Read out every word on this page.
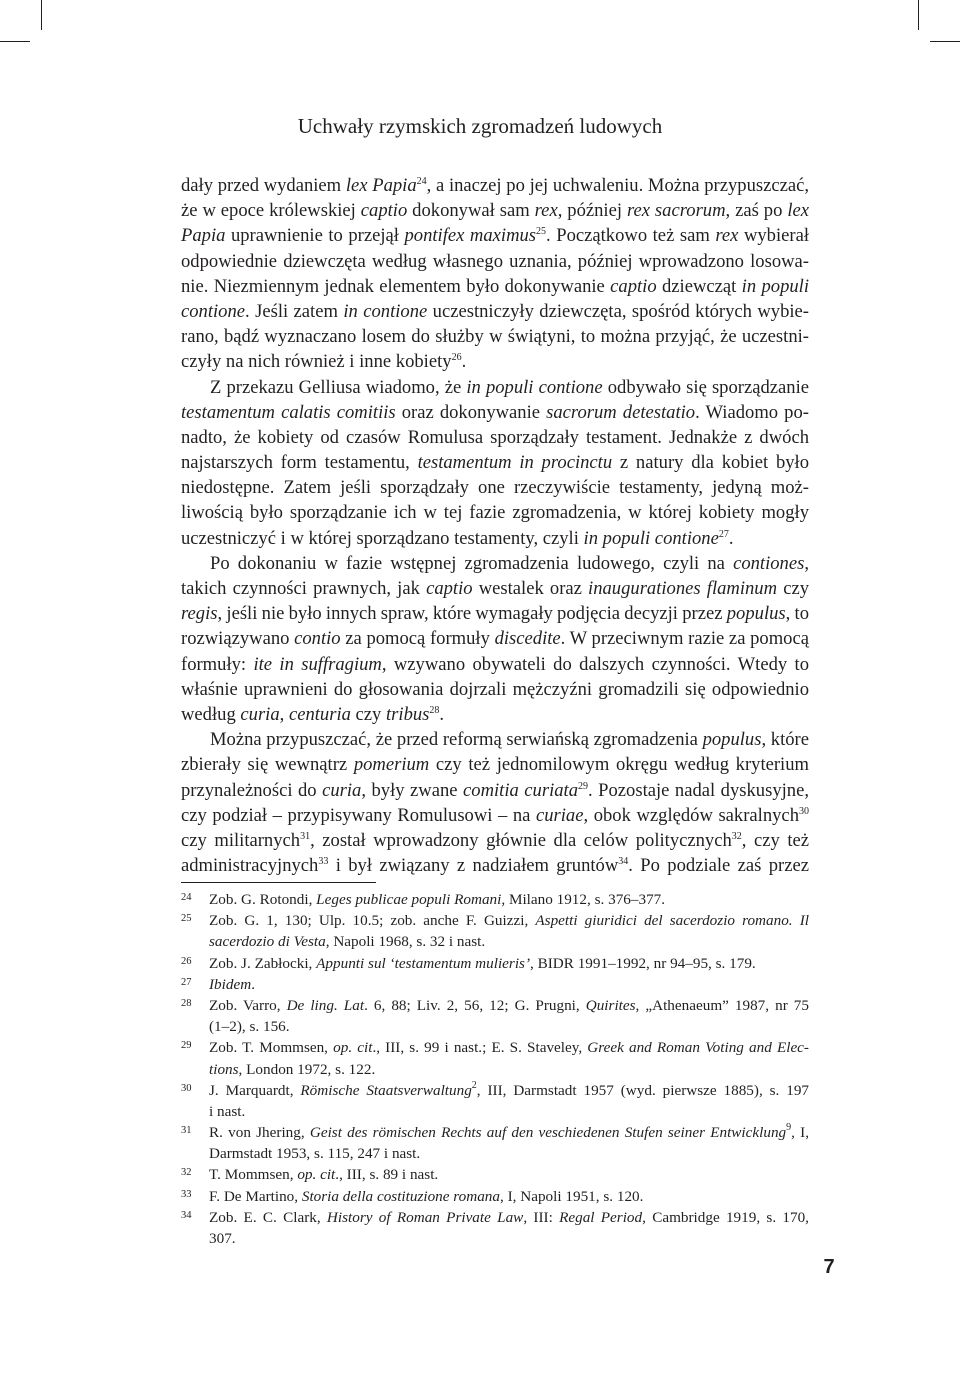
Uchwały rzymskich zgromadzeń ludowych
dały przed wydaniem lex Papia$^{24}$, a inaczej po jej uchwaleniu. Można przypuszczać,
że w epoce królewskiej captio dokonywał sam rex, później rex sacrorum, zaś po lex
Papia uprawnienie to przejął pontifex maximus$^{25}$. Początkowo też sam rex wybierał
odpowiednie dziewczęta według własnego uznania, później wprowadzono losowa-
nie. Niezmiennym jednak elementem było dokonywanie captio dziewcząt in populi
contione. Jeśli zatem in contione uczestniczyły dziewczęta, spośród których wybie-
rano, bądź wyznaczano losem do służby w świątyni, to można przyjąć, że uczestni-
czyły na nich również i inne kobiety$^{26}$.
Z przekazu Gelliusa wiadomo, że in populi contione odbywało się sporządzanie
testamentum calatis comitiis oraz dokonywanie sacrorum detestatio. Wiadomo po-
nadto, że kobiety od czasów Romulusa sporządzały testament. Jednakże z dwóch
najstarszych form testamentu, testamentum in procinctu z natury dla kobiet było
niedostępne. Zatem jeśli sporządzały one rzeczywiście testamenty, jedyną moż-
liwością było sporządzanie ich w tej fazie zgromadzenia, w której kobiety mogły
uczestniczyć i w której sporządzano testamenty, czyli in populi contione$^{27}$.
Po dokonaniu w fazie wstępnej zgromadzenia ludowego, czyli na contiones,
takich czynności prawnych, jak captio westalek oraz inaugurationes flaminum czy
regis, jeśli nie było innych spraw, które wymagały podjęcia decyzji przez populus, to
rozwiązywano contio za pomocą formuły discedite. W przeciwnym razie za pomocą
formuły: ite in suffragium, wzywano obywateli do dalszych czynności. Wtedy to
właśnie uprawnieni do głosowania dojrzali mężczyźni gromadzili się odpowiednio
według curia, centuria czy tribus$^{28}$.
Można przypuszczać, że przed reformą serwiańską zgromadzenia populus, które
zbierały się wewnątrz pomerium czy też jednomilowym okręgu według kryterium
przynależności do curia, były zwane comitia curiata$^{29}$. Pozostaje nadal dyskusyjne,
czy podział – przypisywany Romulusowi – na curiae, obok względów sakralnych$^{30}$
czy militarnych$^{31}$, został wprowadzony głównie dla celów politycznych$^{32}$, czy też
administracyjnych$^{33}$ i był związany z nadziałem gruntów$^{34}$. Po podziale zaś przez
24 Zob. G. Rotondi, Leges publicae populi Romani, Milano 1912, s. 376–377.
25 Zob. G. 1, 130; Ulp. 10.5; zob. anche F. Guizzi, Aspetti giuridici del sacerdozio romano. Il
sacerdozio di Vesta, Napoli 1968, s. 32 i nast.
26 Zob. J. Zabłocki, Appunti sul ‘testamentum mulieris’, BIDR 1991–1992, nr 94–95, s. 179.
27 Ibidem.
28 Zob. Varro, De ling. Lat. 6, 88; Liv. 2, 56, 12; G. Prugni, Quirites, „Athenaeum” 1987, nr 75
(1–2), s. 156.
29 Zob. T. Mommsen, op. cit., III, s. 99 i nast.; E. S. Staveley, Greek and Roman Voting and Elec-
tions, London 1972, s. 122.
30 J. Marquardt, Römische Staatsverwaltung$^2$, III, Darmstadt 1957 (wyd. pierwsze 1885), s. 197
i nast.
31 R. von Jhering, Geist des römischen Rechts auf den veschiedenen Stufen seiner Entwicklung$^9$, I,
Darmstadt 1953, s. 115, 247 i nast.
32 T. Mommsen, op. cit., III, s. 89 i nast.
33 F. De Martino, Storia della costituzione romana, I, Napoli 1951, s. 120.
34 Zob. E. C. Clark, History of Roman Private Law, III: Regal Period, Cambridge 1919, s. 170,
307.
7
